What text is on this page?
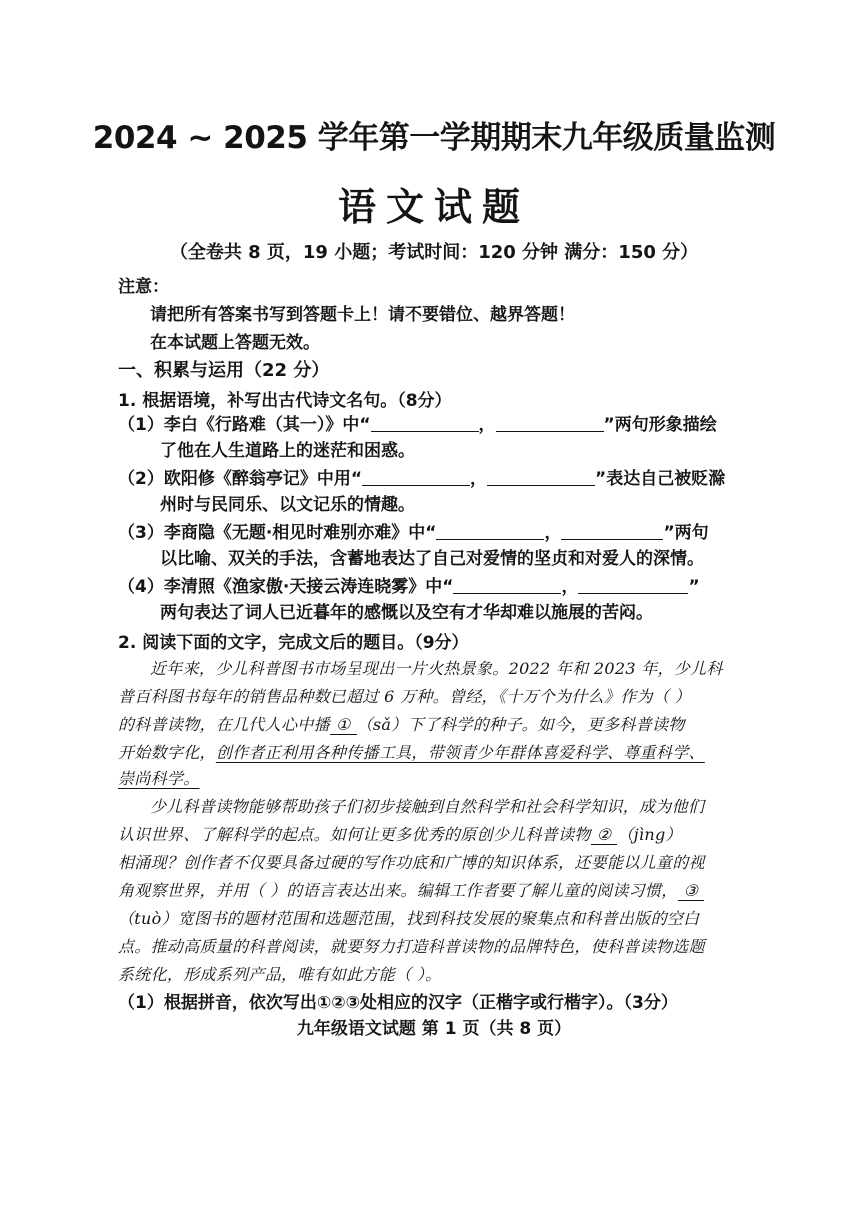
2024 ~ 2025 学年第一学期期末九年级质量监测
语文试题
（全卷共 8 页，19 小题；考试时间：120 分钟 满分：150 分）
注意：
请把所有答案书写到答题卡上！请不要错位、越界答题！
在本试题上答题无效。
一、积累与运用（22 分）
1. 根据语境，补写出古代诗文名句。（8分）
（1）李白《行路难（其一）》中“	，	”两句形象描绘
了他在人生道路上的迷茫和困惑。
（2）欧阳修《醉翁亭记》中用“	，	”表达自己被贬滁
州时与民同乐、以文记乐的情趣。
（3）李商隐《无题·相见时难别亦难》中“	，	”两句
以比喻、双关的手法，含蓄地表达了自己对爱情的坚贞和对爱人的深情。
（4）李清照《渔家傲·天接云涛连晓雾》中“	，	”
两句表达了词人已近暮年的感慨以及空有才华却难以施展的苦闷。
2. 阅读下面的文字，完成文后的题目。（9分）
近年来，少儿科普图书市场呈现出一片火热景象。2022 年和 2023 年，少儿科
普百科图书每年的销售品种数已超过 6 万种。曾经，《十万个为什么》作为（ ）
的科普读物，在几代人心中播 ① （sǎ）下了科学的种子。如今，更多科普读物
开始数字化，创作者正利用各种传播工具，带领青少年群体喜爱科学、尊重科学、
崇尚科学。
少儿科普读物能够帮助孩子们初步接触到自然科学和社会科学知识，成为他们
认识世界、了解科学的起点。如何让更多优秀的原创少儿科普读物 ② （jìng）
相涌现？创作者不仅要具备过硬的写作功底和广博的知识体系，还要能以儿童的视
角观察世界，并用（ ）的语言表达出来。编辑工作者要了解儿童的阅读习惯， ③
（tuò）宽图书的题材范围和选题范围，找到科技发展的聚集点和科普出版的空白
点。推动高质量的科普阅读，就要努力打造科普读物的品牌特色，使科普读物选题
系统化，形成系列产品，唯有如此方能（ ）。
（1）根据拼音，依次写出①②③处相应的汉字（正楷字或行楷字）。（3分）
九年级语文试题 第 1 页（共 8 页）
